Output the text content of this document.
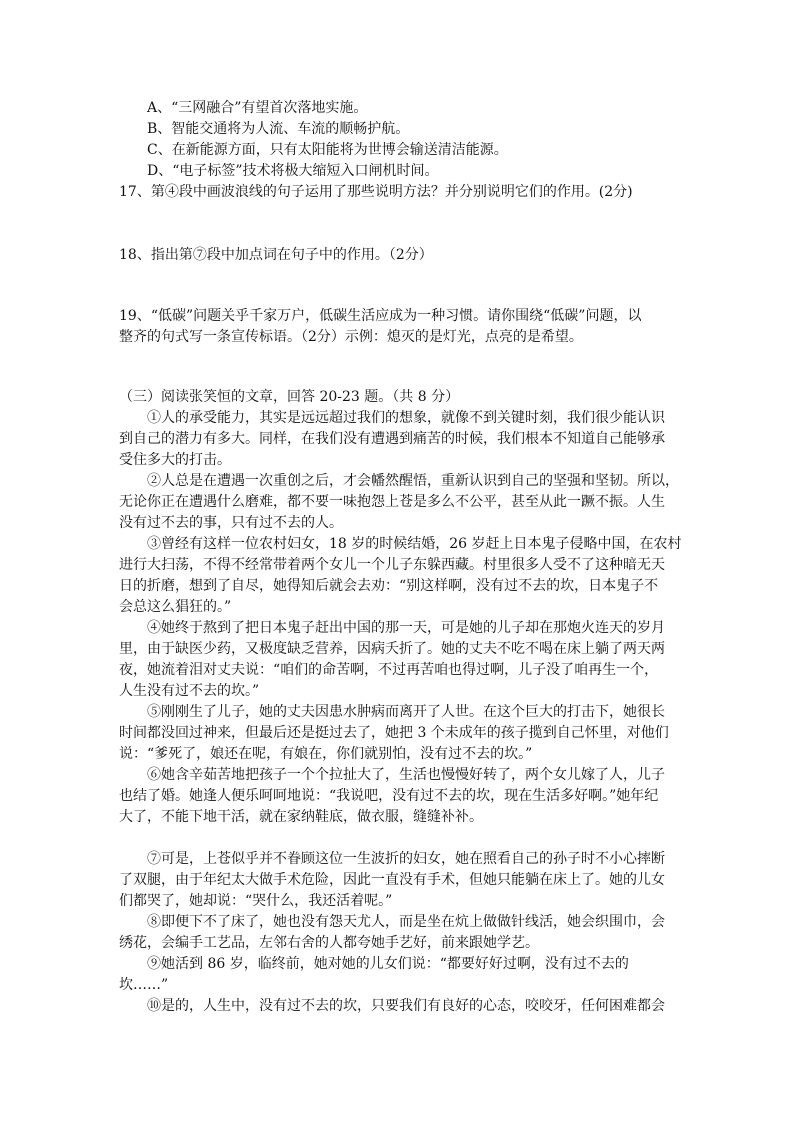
A、“三网融合”有望首次落地实施。
B、智能交通将为人流、车流的顺畅护航。
C、在新能源方面，只有太阳能将为世博会输送清洁能源。
D、“电子标签”技术将极大缩短入口闸机时间。
17、第④段中画波浪线的句子运用了那些说明方法？并分别说明它们的作用。(2分)
18、指出第⑦段中加点词在句子中的作用。（2分）
19、“低碳”问题关乎千家万户，低碳生活应成为一种习惯。请你围绕“低碳”问题，以
整齐的句式写一条宣传标语。（2分）示例：熄灭的是灯光，点亮的是希望。
（三）阅读张笑恒的文章，回答 20-23 题。（共 8 分）
①人的承受能力，其实是远远超过我们的想象，就像不到关键时刻，我们很少能认识
到自己的潜力有多大。同样，在我们没有遭遇到痛苦的时候，我们根本不知道自己能够承
受住多大的打击。
②人总是在遭遇一次重创之后，才会幡然醒悟，重新认识到自己的坚强和坚韧。所以，
无论你正在遭遇什么磨难，都不要一味抱怨上苍是多么不公平，甚至从此一蹶不振。人生
没有过不去的事，只有过不去的人。
③曾经有这样一位农村妇女，18 岁的时候结婚，26 岁赶上日本鬼子侵略中国，在农村
进行大扫荡，不得不经常带着两个女儿一个儿子东躲西藏。村里很多人受不了这种暗无天
日的折磨，想到了自尽，她得知后就会去劝：“别这样啊，没有过不去的坎，日本鬼子不
会总这么猖狂的。”
④她终于熬到了把日本鬼子赶出中国的那一天，可是她的儿子却在那炮火连天的岁月
里，由于缺医少药，又极度缺乏营养，因病夭折了。她的丈夫不吃不喝在床上躺了两天两
夜，她流着泪对丈夫说：“咱们的命苦啊，不过再苦咱也得过啊，儿子没了咱再生一个，
人生没有过不去的坎。”
⑤刚刚生了儿子，她的丈夫因患水肿病而离开了人世。在这个巨大的打击下，她很长
时间都没回过神来，但最后还是挺过去了，她把 3 个未成年的孩子揽到自己怀里，对他们
说：“爹死了，娘还在呢，有娘在，你们就别怕，没有过不去的坎。”
⑥她含辛茹苦地把孩子一个个拉扯大了，生活也慢慢好转了，两个女儿嫁了人，儿子
也结了婚。她逢人便乐呵呵地说：“我说吧，没有过不去的坎，现在生活多好啊。”她年纪
大了，不能下地干活，就在家纳鞋底，做衣服，缝缝补补。
⑦可是，上苍似乎并不眷顾这位一生波折的妇女，她在照看自己的孙子时不小心摔断
了双腿，由于年纪太大做手术危险，因此一直没有手术，但她只能躺在床上了。她的儿女
们都哭了，她却说：“哭什么，我还活着呢。”
⑧即便下不了床了，她也没有怨天尤人，而是坐在炕上做做针线活，她会织围巾，会
绣花，会编手工艺品，左邻右舍的人都夸她手艺好，前来跟她学艺。
⑨她活到 86 岁，临终前，她对她的儿女们说：“都要好好过啊，没有过不去的
坎……”
⑩是的，人生中，没有过不去的坎，只要我们有良好的心态，咬咬牙，任何困难都会
